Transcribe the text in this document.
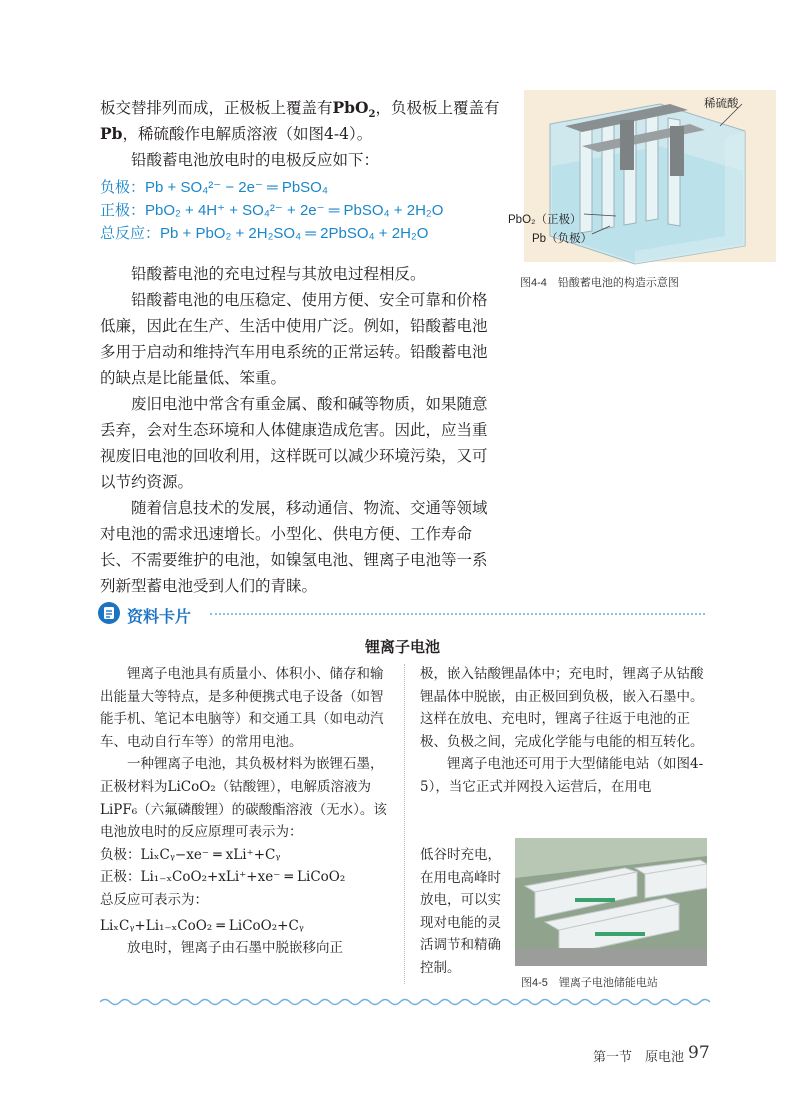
板交替排列而成，正极板上覆盖有PbO$_2$，负极板上覆盖有

Pb，稀硫酸作电解质溶液（如图4-4）。

铅酸蓄电池放电时的电极反应如下：

负极：Pb + SO₄²⁻ − 2e⁻ ═ PbSO₄
正极：PbO₂ + 4H⁺ + SO₄²⁻ + 2e⁻ ═ PbSO₄ + 2H₂O
总反应：Pb + PbO₂ + 2H₂SO₄ ═ 2PbSO₄ + 2H₂O

铅酸蓄电池的充电过程与其放电过程相反。

铅酸蓄电池的电压稳定、使用方便、安全可靠和价格低廉，因此在生产、生活中使用广泛。例如，铅酸蓄电池多用于启动和维持汽车用电系统的正常运转。铅酸蓄电池的缺点是比能量低、笨重。

废旧电池中常含有重金属、酸和碱等物质，如果随意丢弃，会对生态环境和人体健康造成危害。因此，应当重视废旧电池的回收利用，这样既可以减少环境污染，又可以节约资源。

随着信息技术的发展，移动通信、物流、交通等领域对电池的需求迅速增长。小型化、供电方便、工作寿命长、不需要维护的电池，如镍氢电池、锂离子电池等一系列新型蓄电池受到人们的青睐。

稀硫酸
PbO₂（正极）
Pb（负极）
图4-4　铅酸蓄电池的构造示意图
资料卡片
锂离子电池

锂离子电池具有质量小、体积小、储存和输出能量大等特点，是多种便携式电子设备（如智能手机、笔记本电脑等）和交通工具（如电动汽车、电动自行车等）的常用电池。

一种锂离子电池，其负极材料为嵌锂石墨，正极材料为LiCoO₂（钴酸锂），电解质溶液为LiPF₆（六氟磷酸锂）的碳酸酯溶液（无水）。该电池放电时的反应原理可表示为：

负极：LiₓCᵧ−xe⁻ ═ xLi⁺+Cᵧ
正极：Li₁₋ₓCoO₂+xLi⁺+xe⁻ ═ LiCoO₂

总反应可表示为：

LiₓCᵧ+Li₁₋ₓCoO₂ ═ LiCoO₂+Cᵧ

放电时，锂离子由石墨中脱嵌移向正

极，嵌入钴酸锂晶体中；充电时，锂离子从钴酸锂晶体中脱嵌，由正极回到负极，嵌入石墨中。这样在放电、充电时，锂离子往返于电池的正极、负极之间，完成化学能与电能的相互转化。

锂离子电池还可用于大型储能电站（如图4-5），当它正式并网投入运营后，在用电

低谷时充电，
在用电高峰时
放电，可以实
现对电能的灵
活调节和精确
控制。
图4-5　锂离子电池储能电站
第一节　原电池 97
